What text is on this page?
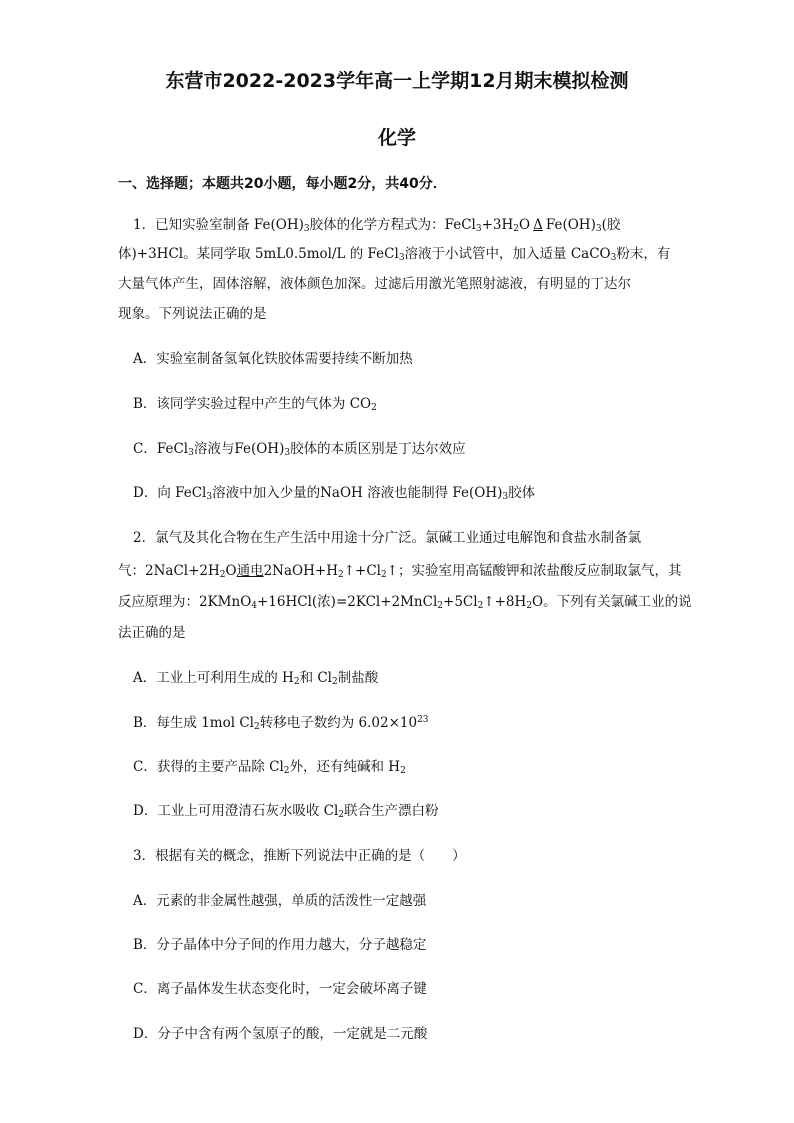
东营市2022-2023学年高一上学期12月期末模拟检测
化学
一、选择题；本题共20小题，每小题2分，共40分．
1．已知实验室制备 $Fe(OH)_3$胶体的化学方程式为：$FeCl_3+3H_2O$ Δ $Fe(OH)_3$(胶
体)+3HCl。某同学取 5mL0.5mol/L 的 FeCl$_3$溶液于小试管中，加入适量 CaCO$_3$粉末，有
大量气体产生，固体溶解，液体颜色加深。过滤后用激光笔照射滤液，有明显的丁达尔
现象。下列说法正确的是
A．实验室制备氢氧化铁胶体需要持续不断加热
B．该同学实验过程中产生的气体为 $CO_2$
C．FeCl$_3$溶液与$Fe(OH)_3$胶体的本质区别是丁达尔效应
D．向 FeCl$_3$溶液中加入少量的NaOH 溶液也能制得 $Fe(OH)_3$胶体
2．氯气及其化合物在生产生活中用途十分广泛。氯碱工业通过电解饱和食盐水制备氯
气：$2NaCl+2H_2O$通电$2NaOH+H_2↑+Cl_2↑$；实验室用高锰酸钾和浓盐酸反应制取氯气，其
反应原理为：2KMnO$_4$+16HCl(浓)$=2KCl+2MnCl_2+5Cl_2↑+8H_2O$。下列有关氯碱工业的说
法正确的是
A．工业上可利用生成的 $H_2$和 $Cl_2$制盐酸
B．每生成 1mol $Cl_2$转移电子数约为 $6.02\times 10^{23}$
C．获得的主要产品除 $Cl_2$外，还有纯碱和 $H_2$
D．工业上可用澄清石灰水吸收 $Cl_2$联合生产漂白粉
3．根据有关的概念，推断下列说法中正确的是（　　）
A．元素的非金属性越强，单质的活泼性一定越强
B．分子晶体中分子间的作用力越大，分子越稳定
C．离子晶体发生状态变化时，一定会破坏离子键
D．分子中含有两个氢原子的酸，一定就是二元酸
